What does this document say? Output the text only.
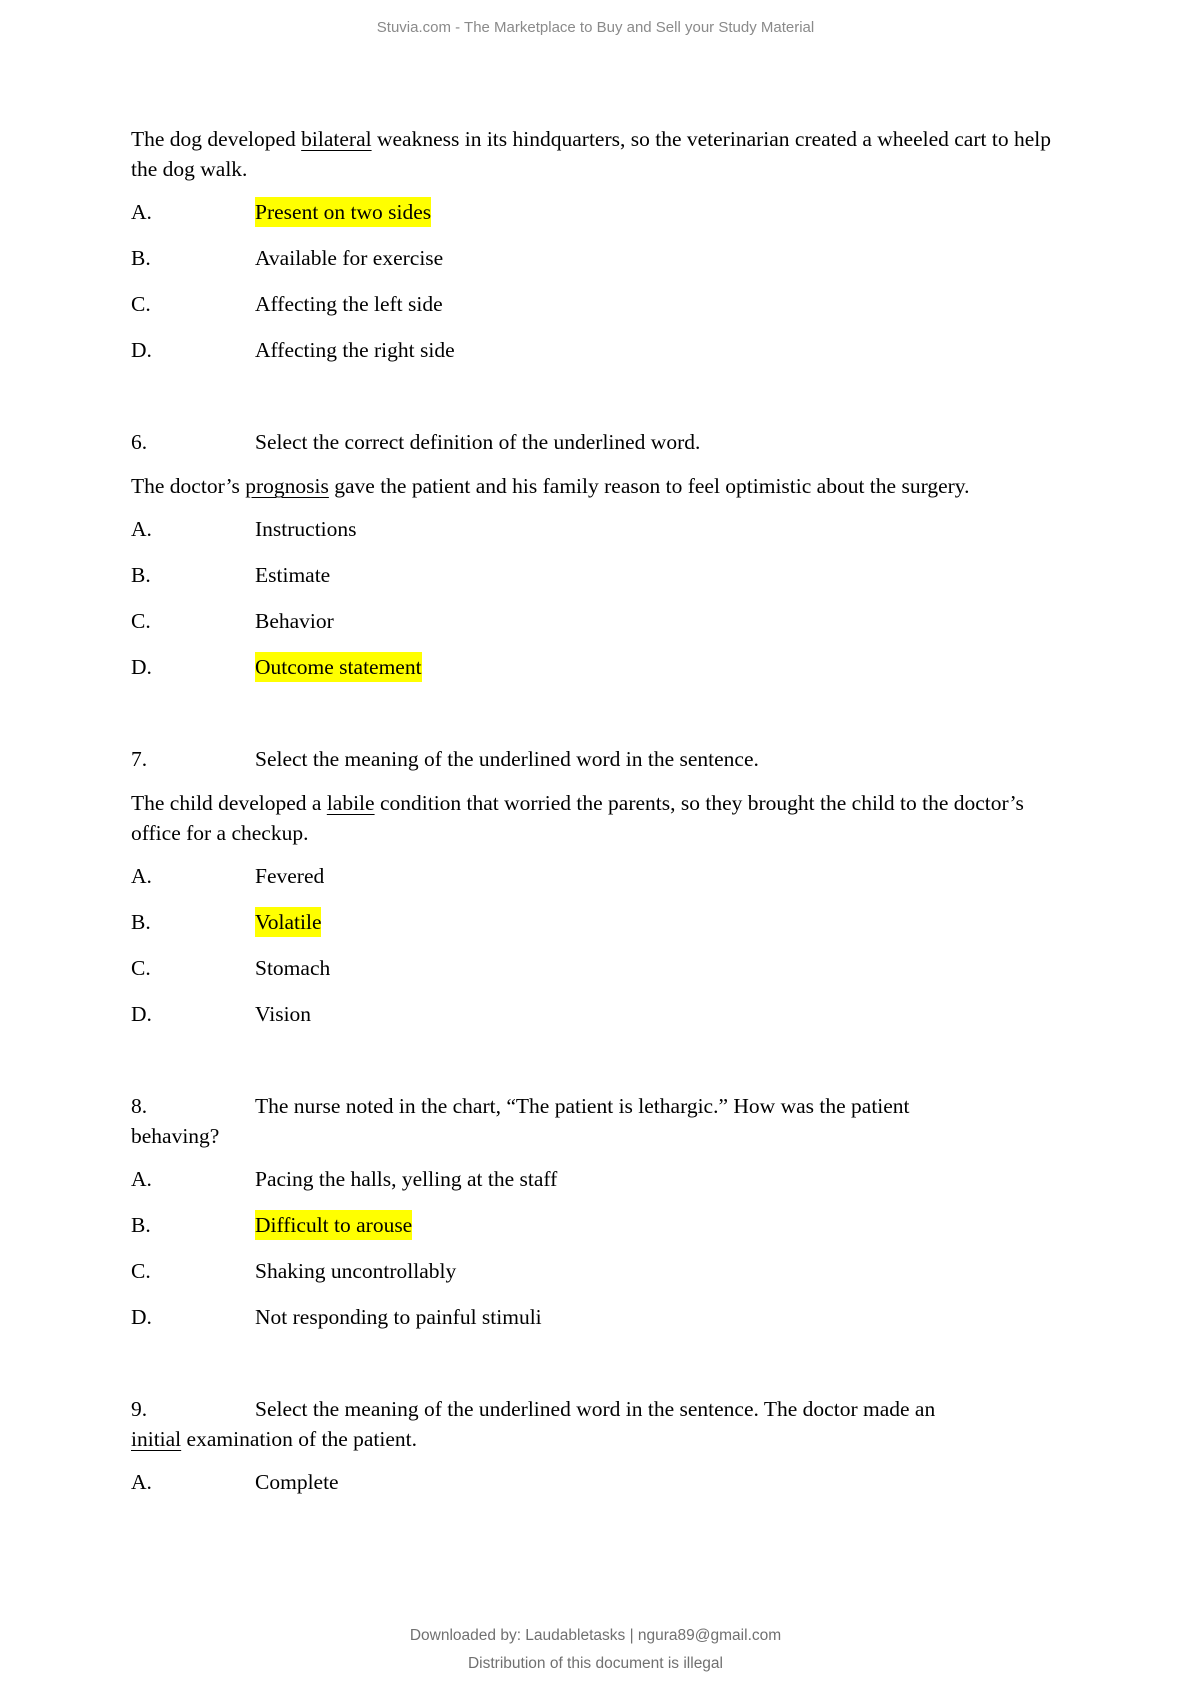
Stuvia.com - The Marketplace to Buy and Sell your Study Material

The dog developed bilateral weakness in its hindquarters, so the veterinarian created a wheeled cart to help the dog walk.

A.	Present on two sides
B.	Available for exercise
C.	Affecting the left side
D.	Affecting the right side
6.	Select the correct definition of the underlined word.

The doctor’s prognosis gave the patient and his family reason to feel optimistic about the surgery.

A.	Instructions
B.	Estimate
C.	Behavior
D.	Outcome statement
7.	Select the meaning of the underlined word in the sentence.

The child developed a labile condition that worried the parents, so they brought the child to the doctor’s office for a checkup.

A.	Fevered
B.	Volatile
C.	Stomach
D.	Vision
8.	The nurse noted in the chart, “The patient is lethargic.” How was the patient
behaving?
A.	Pacing the halls, yelling at the staff
B.	Difficult to arouse
C.	Shaking uncontrollably
D.	Not responding to painful stimuli
9.	Select the meaning of the underlined word in the sentence. The doctor made an
initial examination of the patient.
A.	Complete
Downloaded by: Laudabletasks | ngura89@gmail.com
Distribution of this document is illegal
